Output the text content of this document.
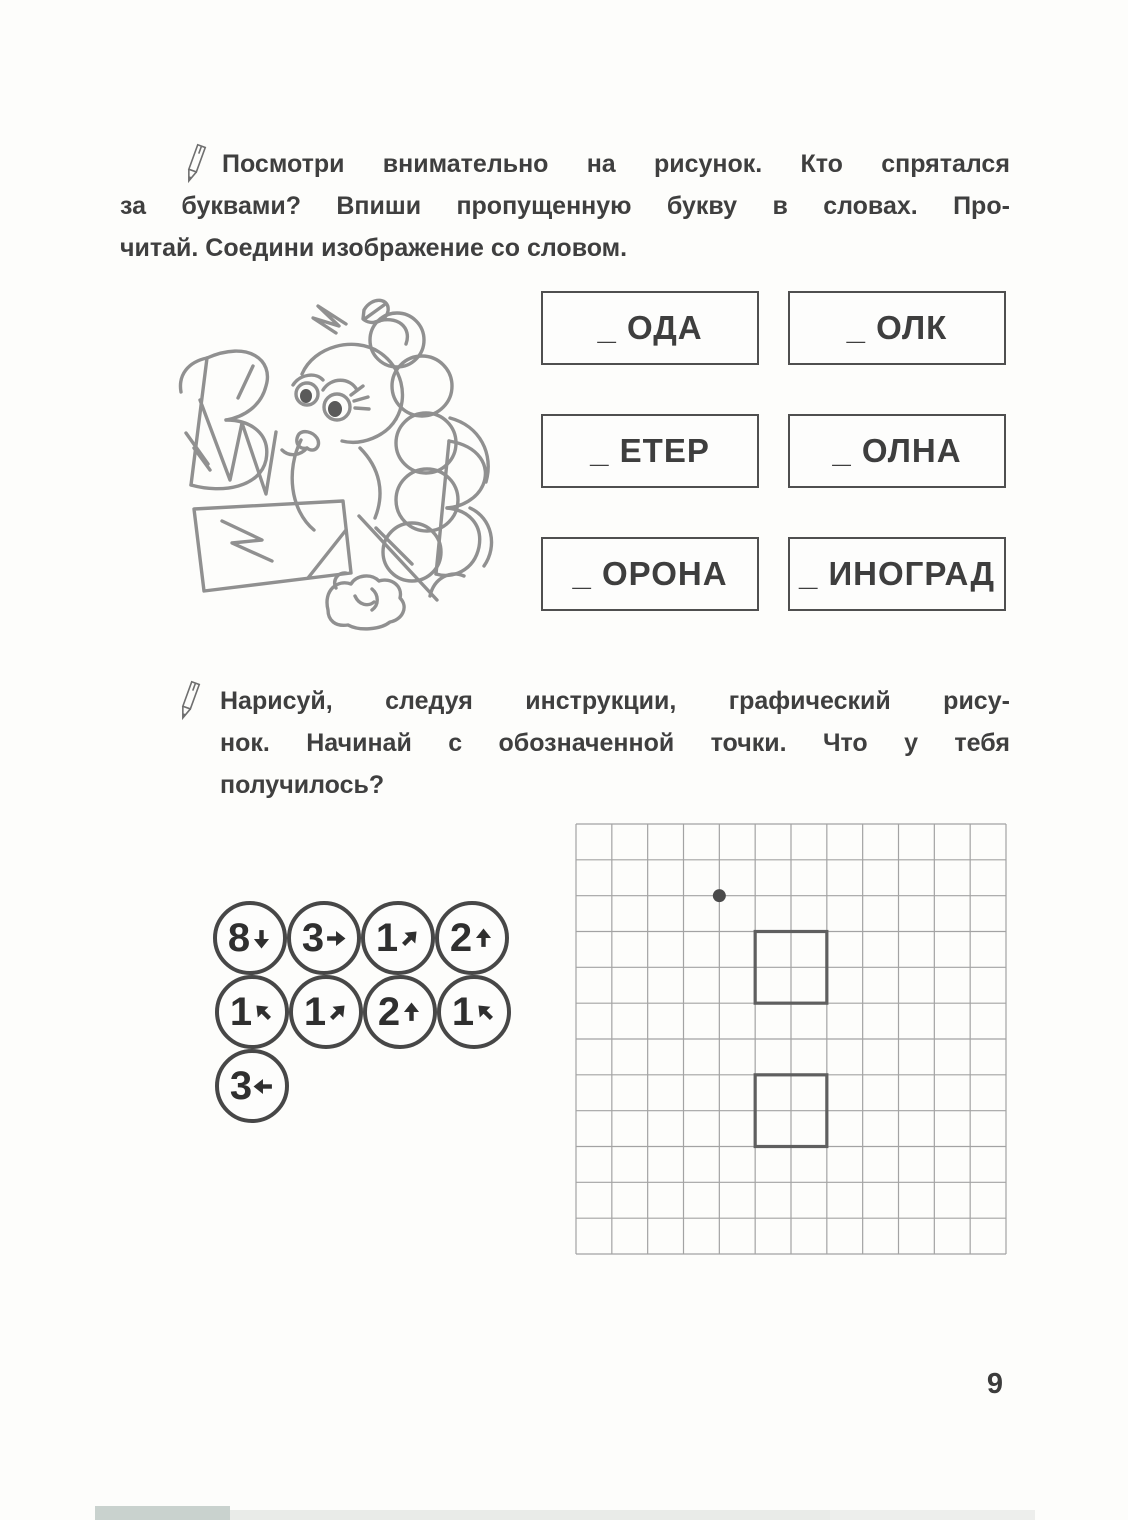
Посмотри внимательно на рисунок. Кто спрятался
за буквами? Впиши пропущенную букву в словах. Про-
читай. Соедини изображение со словом.
_ ОДА	_ ОЛК
_ ЕТЕР	_ ОЛНА
_ ОРОНА	_ ИНОГРАД
Нарисуй, следуя инструкции, графический рису-
нок. Начинай с обозначенной точки. Что у тебя
получилось?
8 3 1 2
1 1 2 1
3
9
